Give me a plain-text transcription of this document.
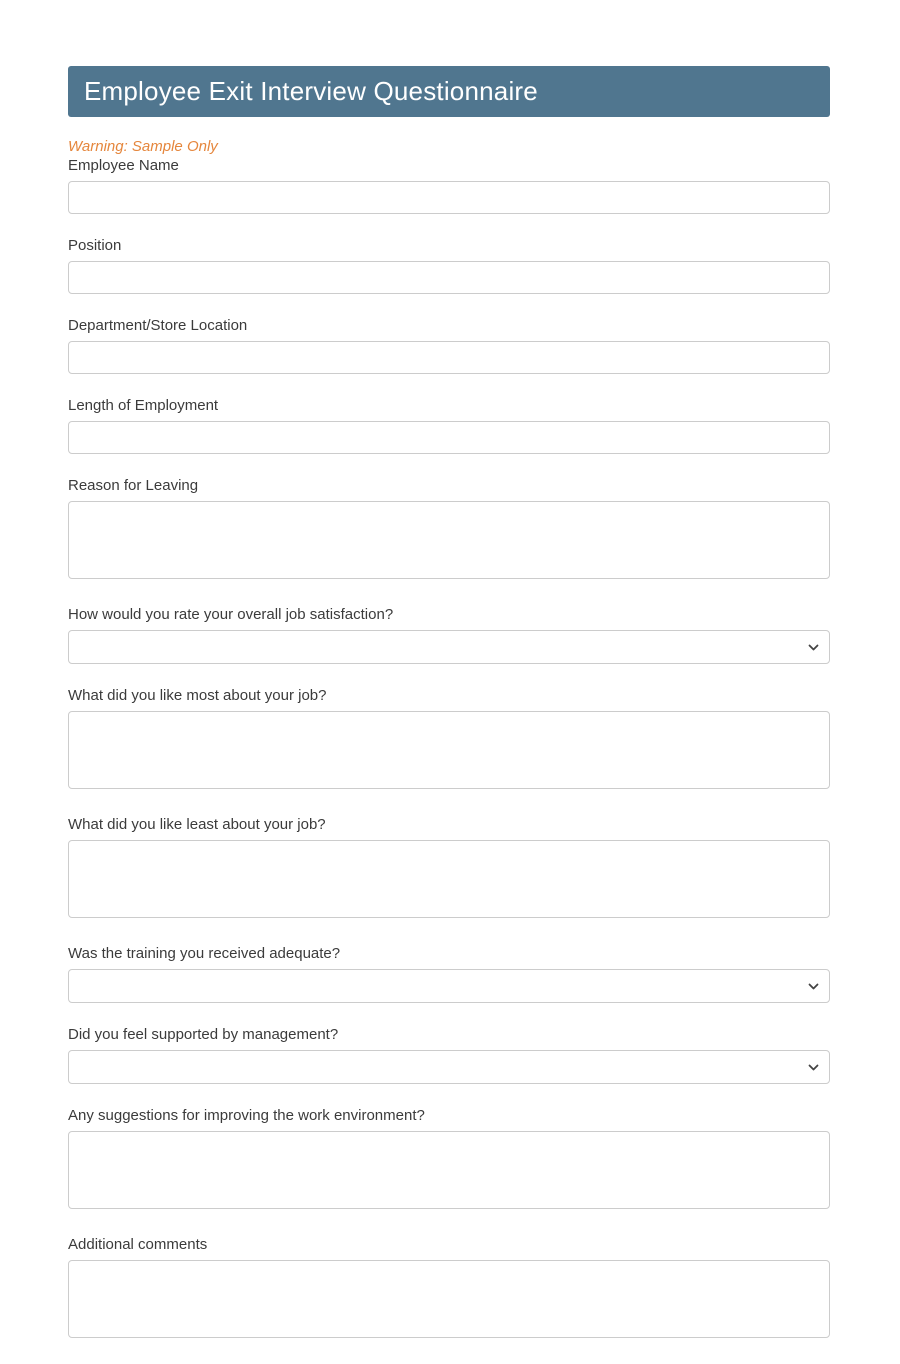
Employee Exit Interview Questionnaire
Warning: Sample Only
Employee Name
Position
Department/Store Location
Length of Employment
Reason for Leaving
How would you rate your overall job satisfaction?
What did you like most about your job?
What did you like least about your job?
Was the training you received adequate?
Did you feel supported by management?
Any suggestions for improving the work environment?
Additional comments
